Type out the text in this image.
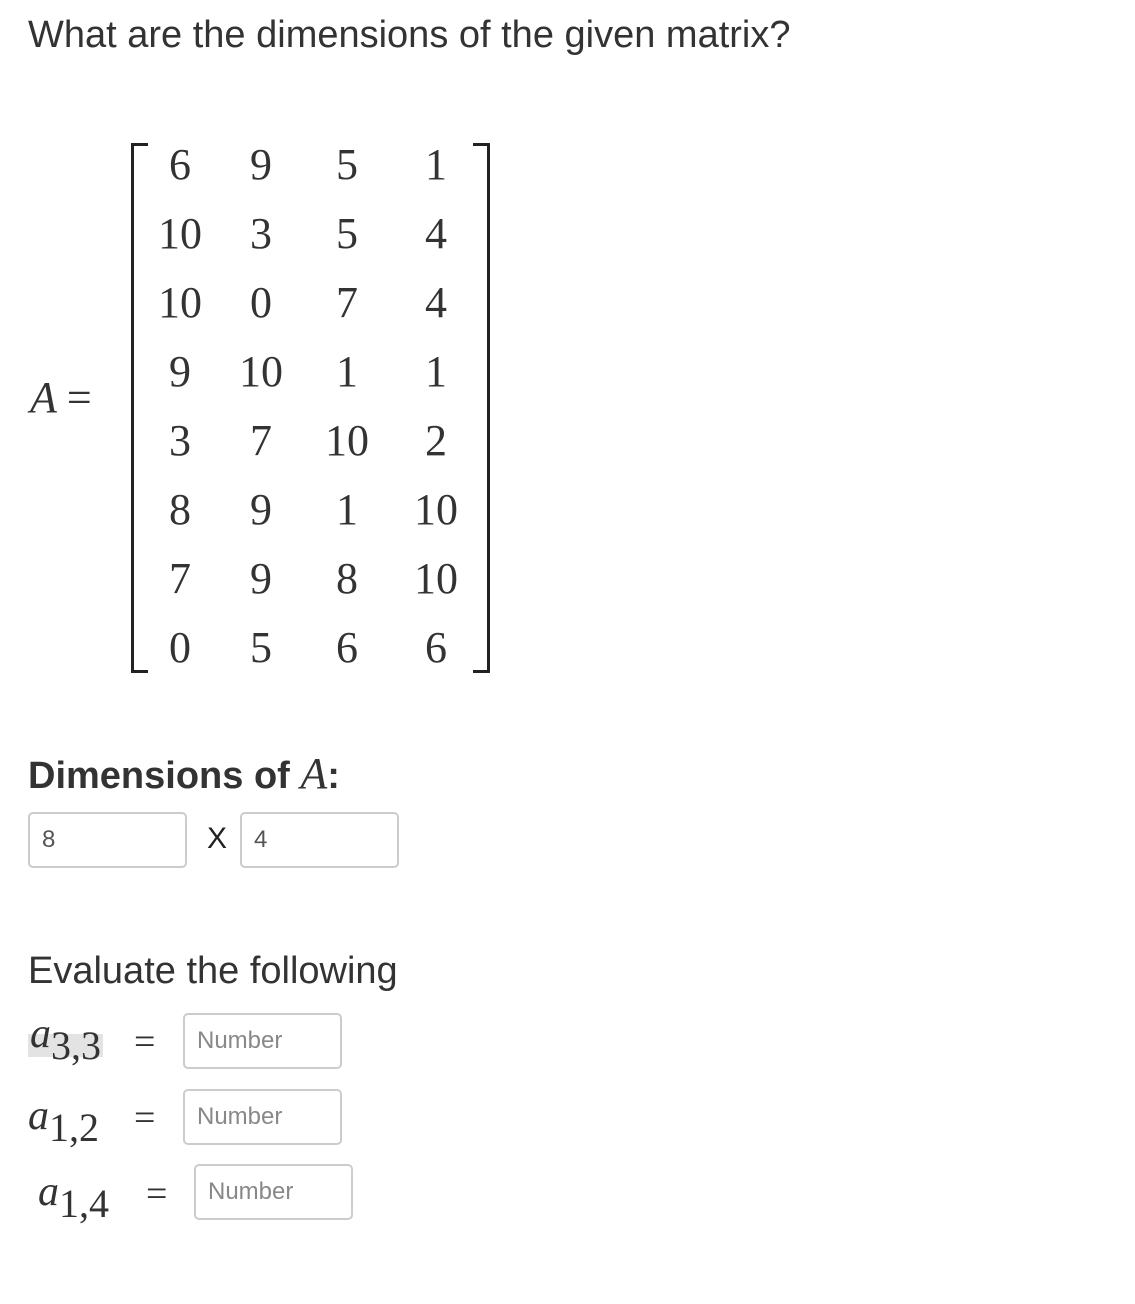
What are the dimensions of the given matrix?
A =
6	9	5	1
10	3	5	4
10	0	7	4
9	10	1	1
3	7	10	2
8	9	1	10
7	9	8	10
0	5	6	6
Dimensions of A:
8
X
4
Evaluate the following
a3,3 =
Number
a1,2 =
Number
a1,4 =
Number
